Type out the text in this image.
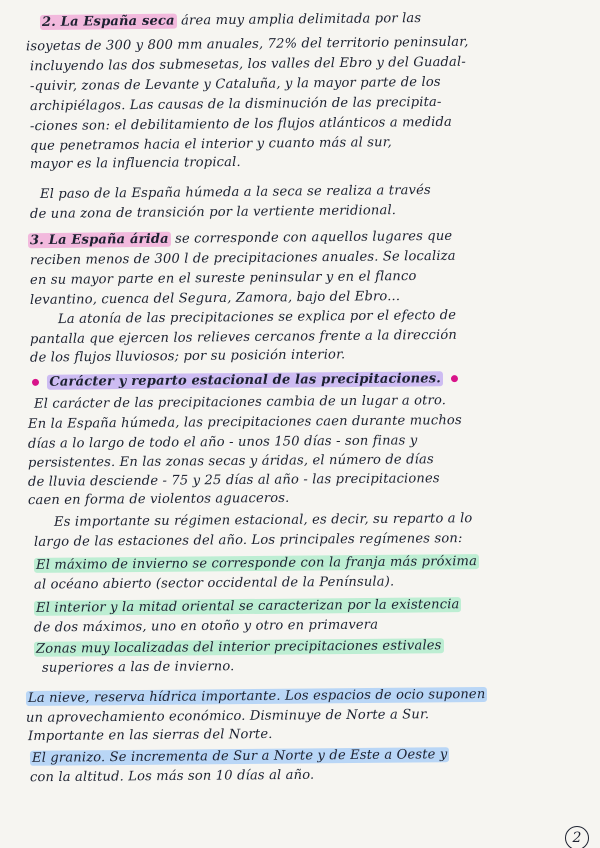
2. La España seca área muy amplia delimitada por las
isoyetas de 300 y 800 mm anuales, 72% del territorio peninsular,
incluyendo las dos submesetas, los valles del Ebro y del Guadal-
-quivir, zonas de Levante y Cataluña, y la mayor parte de los
archipiélagos. Las causas de la disminución de las precipita-
-ciones son: el debilitamiento de los flujos atlánticos a medida
que penetramos hacia el interior y cuanto más al sur,
mayor es la influencia tropical.
El paso de la España húmeda a la seca se realiza a través
de una zona de transición por la vertiente meridional.
3. La España árida se corresponde con aquellos lugares que
reciben menos de 300 l de precipitaciones anuales. Se localiza
en su mayor parte en el sureste peninsular y en el flanco
levantino, cuenca del Segura, Zamora, bajo del Ebro...
La atonía de las precipitaciones se explica por el efecto de
pantalla que ejercen los relieves cercanos frente a la dirección
de los flujos lluviosos; por su posición interior.
Carácter y reparto estacional de las precipitaciones.
El carácter de las precipitaciones cambia de un lugar a otro.
En la España húmeda, las precipitaciones caen durante muchos
días a lo largo de todo el año - unos 150 días - son finas y
persistentes. En las zonas secas y áridas, el número de días
de lluvia desciende - 75 y 25 días al año - las precipitaciones
caen en forma de violentos aguaceros.
Es importante su régimen estacional, es decir, su reparto a lo
largo de las estaciones del año. Los principales regímenes son:
El máximo de invierno se corresponde con la franja más próxima
al océano abierto (sector occidental de la Península).
El interior y la mitad oriental se caracterizan por la existencia
de dos máximos, uno en otoño y otro en primavera
Zonas muy localizadas del interior precipitaciones estivales
superiores a las de invierno.
La nieve, reserva hídrica importante. Los espacios de ocio suponen
un aprovechamiento económico. Disminuye de Norte a Sur.
Importante en las sierras del Norte.
El granizo. Se incrementa de Sur a Norte y de Este a Oeste y
con la altitud. Los más son 10 días al año.
2
